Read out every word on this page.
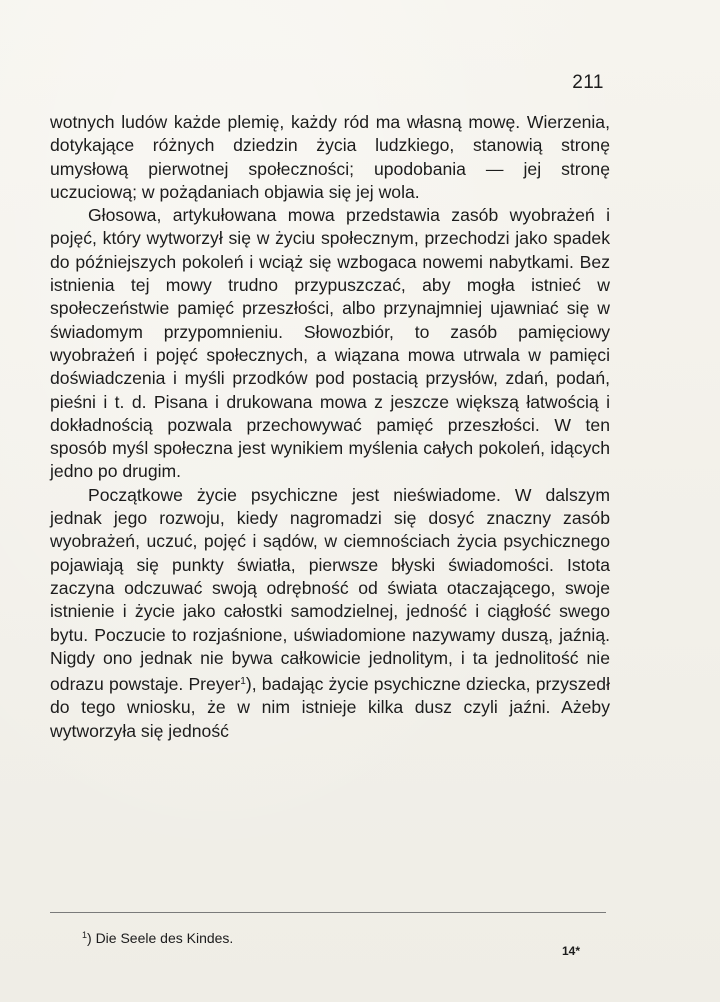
211

wotnych ludów każde plemię, każdy ród ma własną mowę. Wierzenia, dotykające różnych dziedzin życia ludzkiego, stanowią stronę umysłową pierwotnej społeczności; upodobania — jej stronę uczuciową; w pożądaniach objawia się jej wola.

Głosowa, artykułowana mowa przedstawia zasób wyobrażeń i pojęć, który wytworzył się w życiu społecznym, przechodzi jako spadek do późniejszych pokoleń i wciąż się wzbogaca nowemi nabytkami. Bez istnienia tej mowy trudno przypuszczać, aby mogła istnieć w społeczeństwie pamięć przeszłości, albo przynajmniej ujawniać się w świadomym przypomnieniu. Słowozbiór, to zasób pamięciowy wyobrażeń i pojęć społecznych, a wiązana mowa utrwala w pamięci doświadczenia i myśli przodków pod postacią przysłów, zdań, podań, pieśni i t. d. Pisana i drukowana mowa z jeszcze większą łatwością i dokładnością pozwala przechowywać pamięć przeszłości. W ten sposób myśl społeczna jest wynikiem myślenia całych pokoleń, idących jedno po drugim.

Początkowe życie psychiczne jest nieświadome. W dalszym jednak jego rozwoju, kiedy nagromadzi się dosyć znaczny zasób wyobrażeń, uczuć, pojęć i sądów, w ciemnościach życia psychicznego pojawiają się punkty światła, pierwsze błyski świadomości. Istota zaczyna odczuwać swoją odrębność od świata otaczającego, swoje istnienie i życie jako całostki samodzielnej, jedność i ciągłość swego bytu. Poczucie to rozjaśnione, uświadomione nazywamy duszą, jaźnią. Nigdy ono jednak nie bywa całkowicie jednolitym, i ta jednolitość nie odrazu powstaje. Preyer$^1$), badając życie psychiczne dziecka, przyszedł do tego wniosku, że w nim istnieje kilka dusz czyli jaźni. Ażeby wytworzyła się jedność

$^1$) Die Seele des Kindes.
14*
